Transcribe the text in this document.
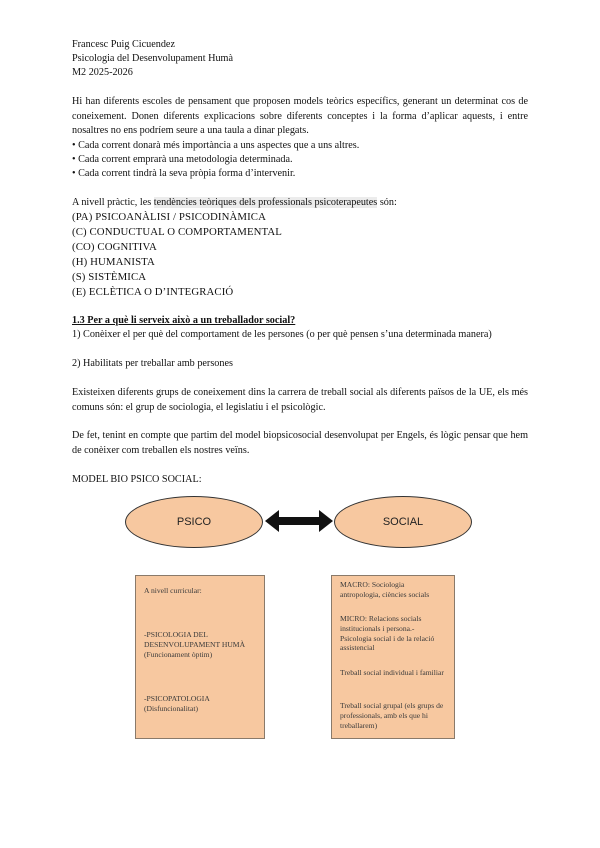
Francesc Puig Cicuendez
Psicologia del Desenvolupament Humà
M2 2025-2026
Hi han diferents escoles de pensament que proposen models teòrics específics, generant un determinat cos de coneixement. Donen diferents explicacions sobre diferents conceptes i la forma d’aplicar aquests, i entre nosaltres no ens podríem seure a una taula a dinar plegats.
• Cada corrent donarà més importància a uns aspectes que a uns altres.
• Cada corrent emprarà una metodologia determinada.
• Cada corrent tindrà la seva pròpia forma d’intervenir.
A nivell pràctic, les tendències teòriques dels professionals psicoterapeutes són:
(PA) PSICOANÀLISI / PSICODINÀMICA
(C) CONDUCTUAL O COMPORTAMENTAL
(CO) COGNITIVA
(H) HUMANISTA
(S) SISTÈMICA
(E) ECLÈTICA O D’INTEGRACIÓ
1.3 Per a què li serveix això a un treballador social?
1) Conèixer el per què del comportament de les persones (o per què pensen s’una determinada manera)
2) Habilitats per treballar amb persones
Existeixen diferents grups de coneixement dins la carrera de treball social als diferents països de la UE, els més comuns són: el grup de sociologia, el legislatiu i el psicològic.
De fet, tenint en compte que partim del model biopsicosocial desenvolupat per Engels, és lògic pensar que hem de conèixer com treballen els nostres veïns.
MODEL BIO PSICO SOCIAL:
PSICO	SOCIAL

A nivell curricular:

-PSICOLOGIA DEL DESENVOLUPAMENT HUMÀ (Funcionament òptim)

-PSICOPATOLOGIA (Disfuncionalitat)

MACRO: Sociologia antropologia, ciències socials

MICRO: Relacions socials institucionals i persona.- Psicologia social i de la relació assistencial

Treball social individual i familiar

Treball social grupal (els grups de professionals, amb els que hi treballarem)
